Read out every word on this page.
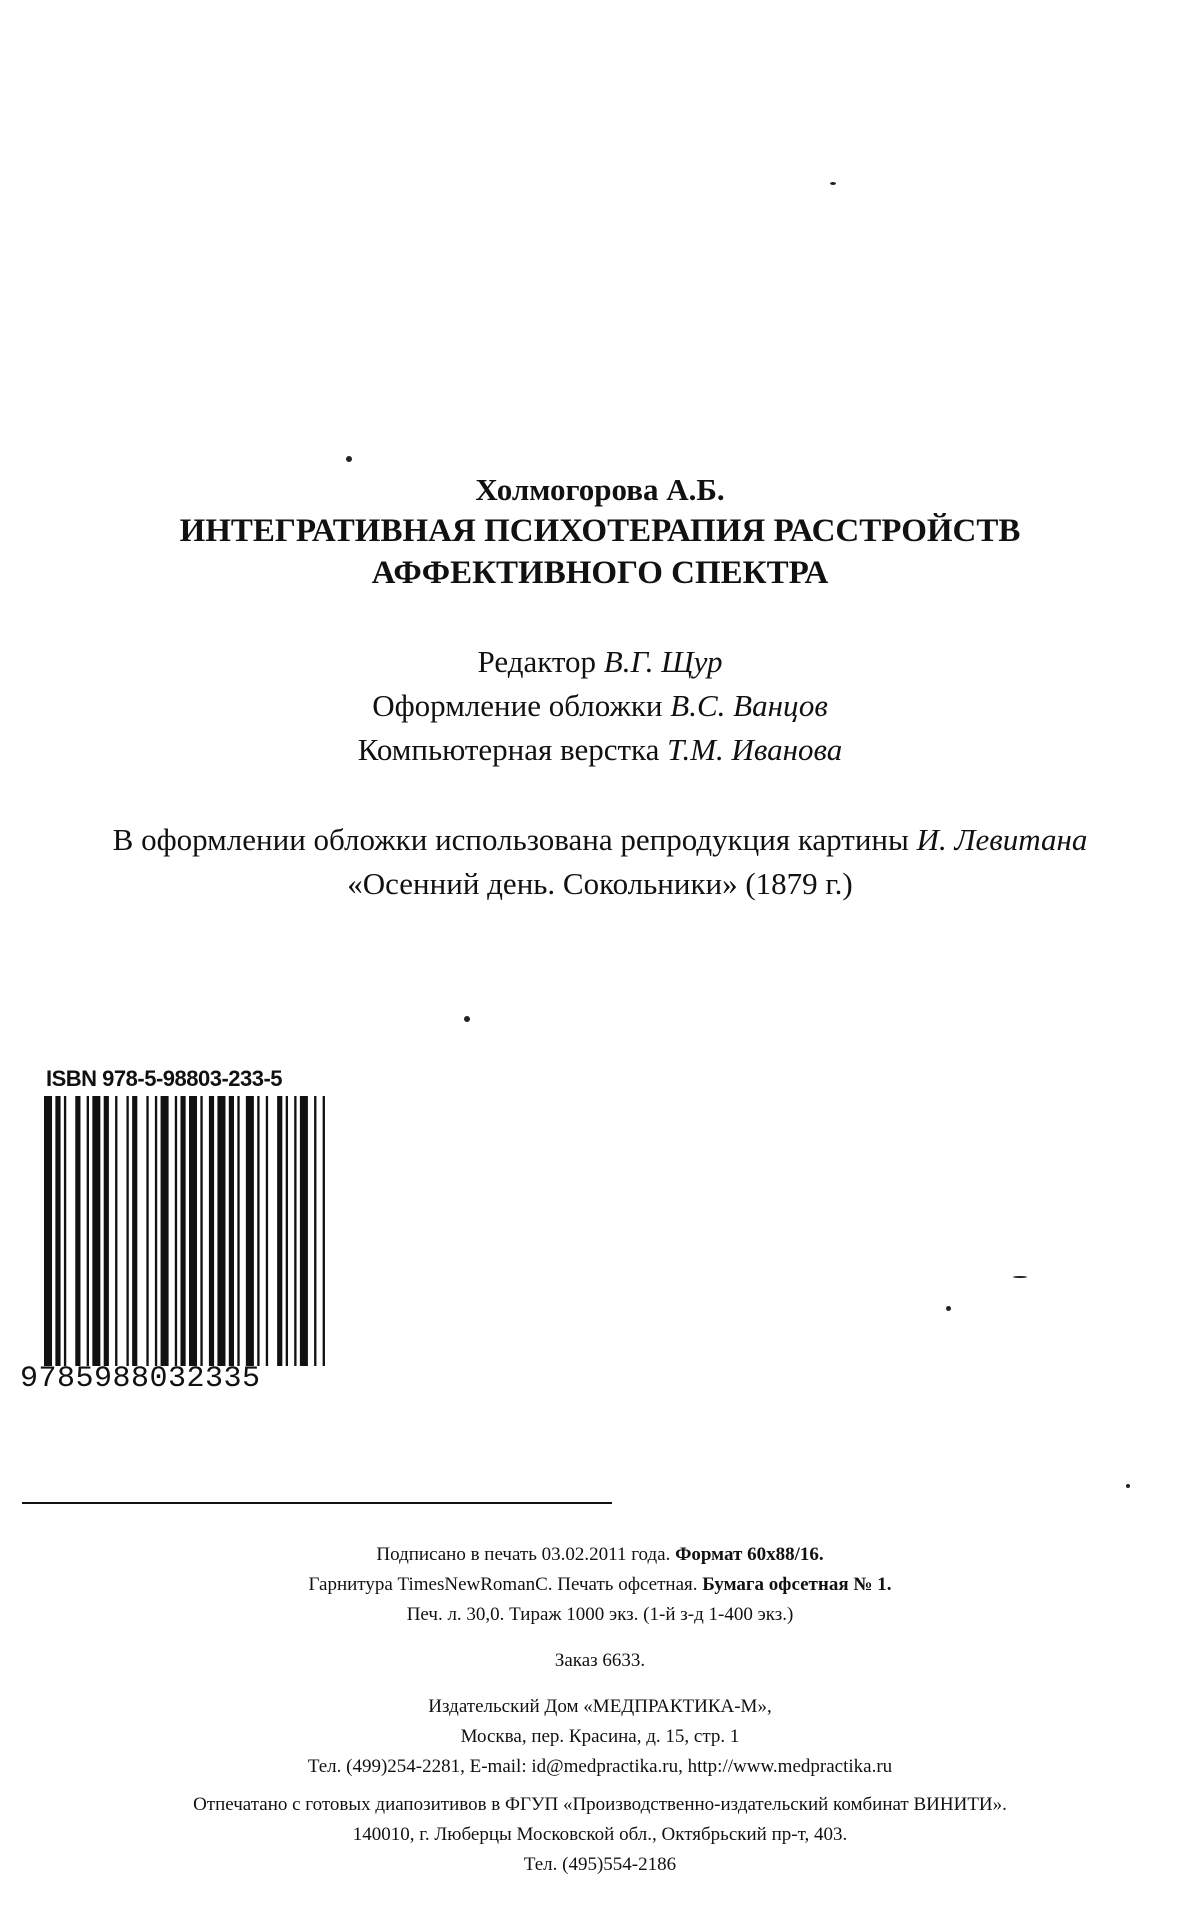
Холмогорова А.Б.
ИНТЕГРАТИВНАЯ ПСИХОТЕРАПИЯ РАССТРОЙСТВ
АФФЕКТИВНОГО СПЕКТРА
Редактор В.Г. Щур
Оформление обложки В.С. Ванцов
Компьютерная верстка Т.М. Иванова
В оформлении обложки использована репродукция картины И. Левитана
«Осенний день. Сокольники» (1879 г.)
ISBN 978-5-98803-233-5
9785988032335
Подписано в печать 03.02.2011 года. Формат 60x88/16.
Гарнитура TimesNewRomanC. Печать офсетная. Бумага офсетная № 1.
Печ. л. 30,0. Тираж 1000 экз. (1-й з-д 1-400 экз.)
Заказ 6633.
Издательский Дом «МЕДПРАКТИКА-М»,
Москва, пер. Красина, д. 15, стр. 1
Тел. (499)254-2281, E-mail: id@medpractika.ru, http://www.medpractika.ru
Отпечатано с готовых диапозитивов в ФГУП «Производственно-издательский комбинат ВИНИТИ».
140010, г. Люберцы Московской обл., Октябрьский пр-т, 403.
Тел. (495)554-2186
